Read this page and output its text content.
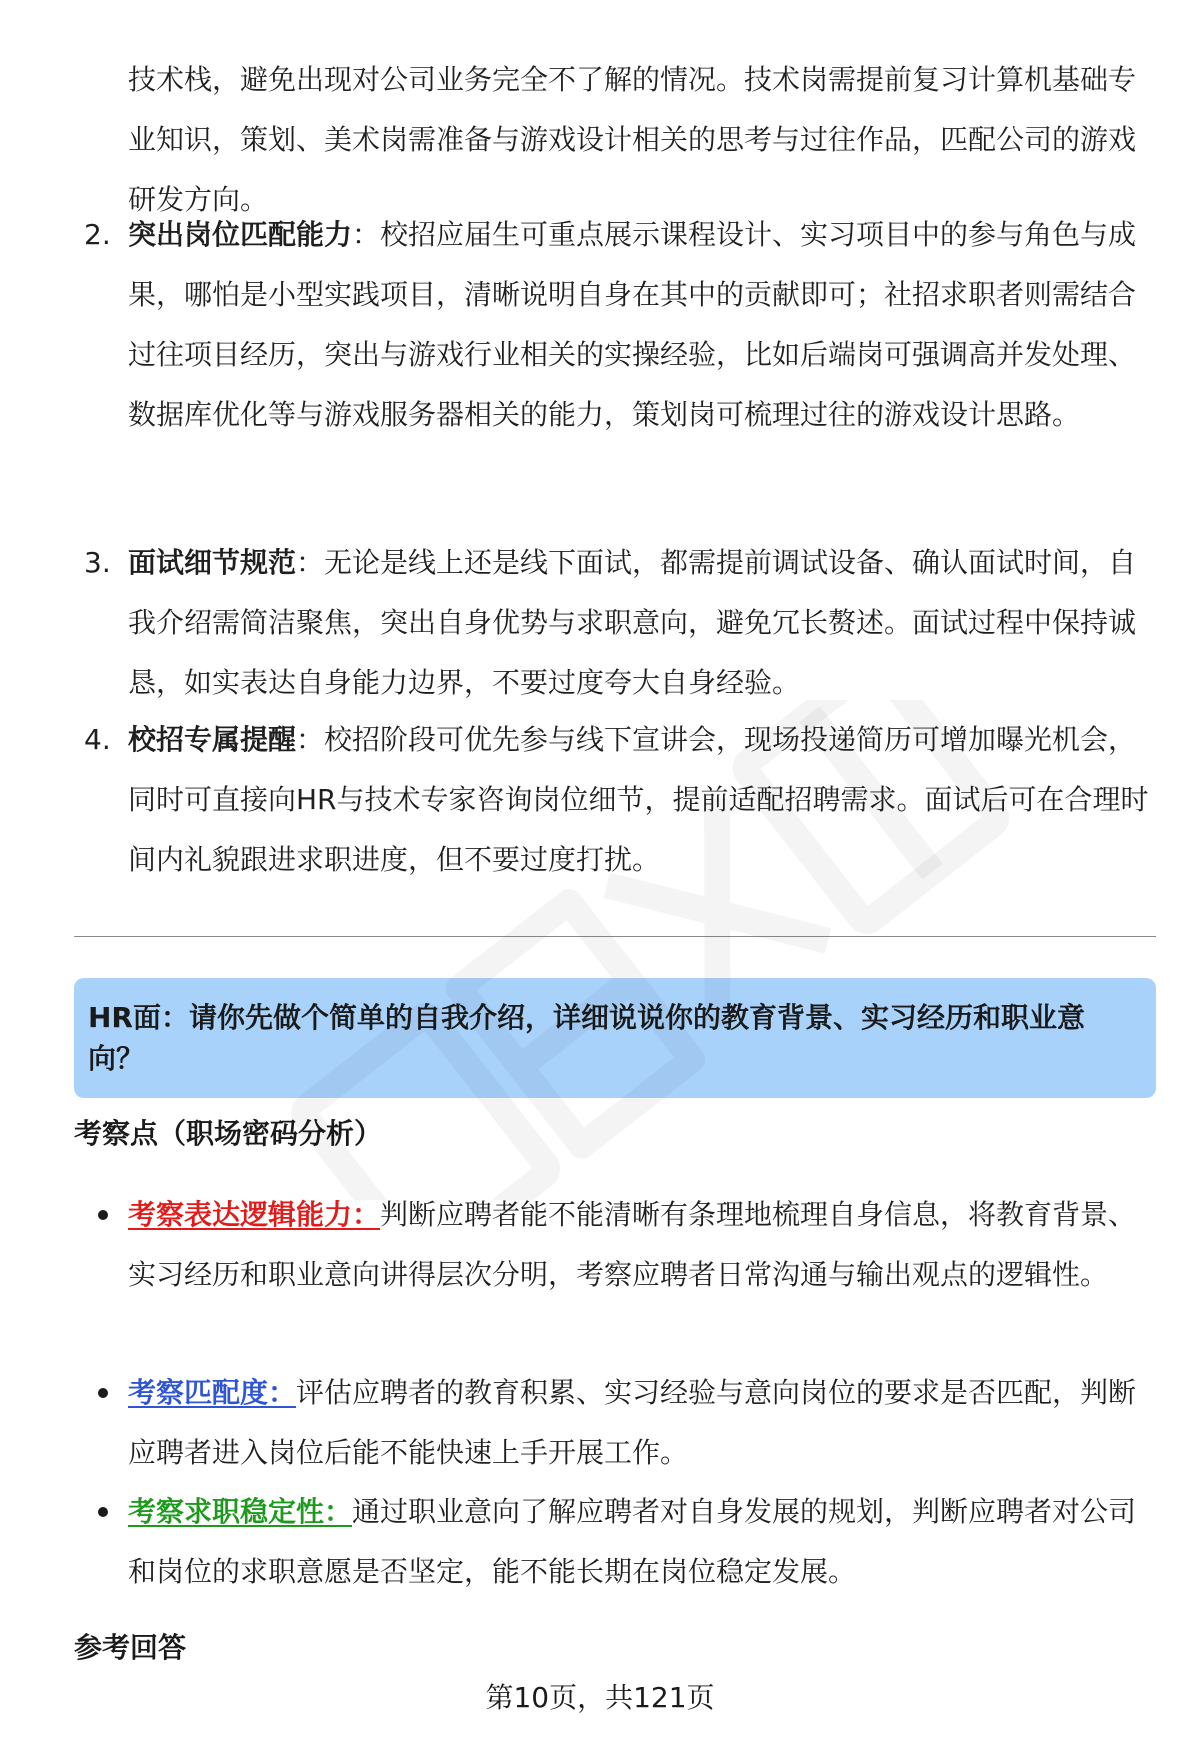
技术栈，避免出现对公司业务完全不了解的情况。技术岗需提前复习计算机基础专业知识，策划、美术岗需准备与游戏设计相关的思考与过往作品，匹配公司的游戏研发方向。

2. 突出岗位匹配能力：校招应届生可重点展示课程设计、实习项目中的参与角色与成果，哪怕是小型实践项目，清晰说明自身在其中的贡献即可；社招求职者则需结合过往项目经历，突出与游戏行业相关的实操经验，比如后端岗可强调高并发处理、数据库优化等与游戏服务器相关的能力，策划岗可梳理过往的游戏设计思路。

3. 面试细节规范：无论是线上还是线下面试，都需提前调试设备、确认面试时间，自我介绍需简洁聚焦，突出自身优势与求职意向，避免冗长赘述。面试过程中保持诚恳，如实表达自身能力边界，不要过度夸大自身经验。

4. 校招专属提醒：校招阶段可优先参与线下宣讲会，现场投递简历可增加曝光机会，同时可直接向HR与技术专家咨询岗位细节，提前适配招聘需求。面试后可在合理时间内礼貌跟进求职进度，但不要过度打扰。

HR面：请你先做个简单的自我介绍，详细说说你的教育背景、实习经历和职业意向？

考察点（职场密码分析）

考察表达逻辑能力：判断应聘者能不能清晰有条理地梳理自身信息，将教育背景、实习经历和职业意向讲得层次分明，考察应聘者日常沟通与输出观点的逻辑性。

考察匹配度：评估应聘者的教育积累、实习经验与意向岗位的要求是否匹配，判断应聘者进入岗位后能不能快速上手开展工作。

考察求职稳定性：通过职业意向了解应聘者对自身发展的规划，判断应聘者对公司和岗位的求职意愿是否坚定，能不能长期在岗位稳定发展。

参考回答
第10页，共121页
